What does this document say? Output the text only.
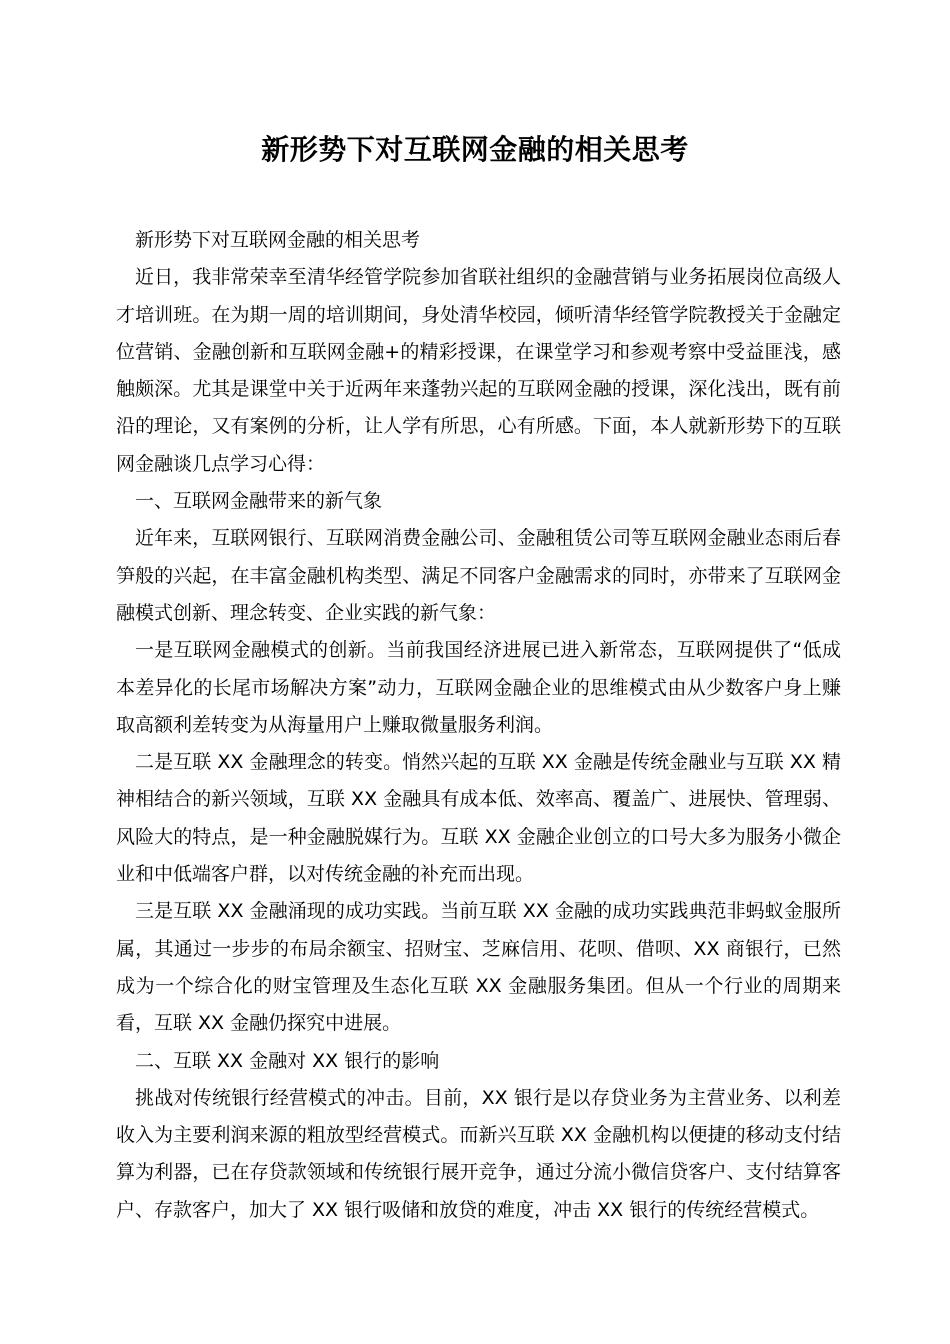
新形势下对互联网金融的相关思考

新形势下对互联网金融的相关思考

近日，我非常荣幸至清华经管学院参加省联社组织的金融营销与业务拓展岗位高级人才培训班。在为期一周的培训期间，身处清华校园，倾听清华经管学院教授关于金融定位营销、金融创新和互联网金融+的精彩授课，在课堂学习和参观考察中受益匪浅，感触颇深。尤其是课堂中关于近两年来蓬勃兴起的互联网金融的授课，深化浅出，既有前沿的理论，又有案例的分析，让人学有所思，心有所感。下面，本人就新形势下的互联网金融谈几点学习心得：

一、互联网金融带来的新气象

近年来，互联网银行、互联网消费金融公司、金融租赁公司等互联网金融业态雨后春笋般的兴起，在丰富金融机构类型、满足不同客户金融需求的同时，亦带来了互联网金融模式创新、理念转变、企业实践的新气象：

一是互联网金融模式的创新。当前我国经济进展已进入新常态，互联网提供了“低成本差异化的长尾市场解决方案”动力，互联网金融企业的思维模式由从少数客户身上赚取高额利差转变为从海量用户上赚取微量服务利润。

二是互联 XX 金融理念的转变。悄然兴起的互联 XX 金融是传统金融业与互联 XX 精神相结合的新兴领域，互联 XX 金融具有成本低、效率高、覆盖广、进展快、管理弱、风险大的特点，是一种金融脱媒行为。互联 XX 金融企业创立的口号大多为服务小微企业和中低端客户群，以对传统金融的补充而出现。

三是互联 XX 金融涌现的成功实践。当前互联 XX 金融的成功实践典范非蚂蚁金服所属，其通过一步步的布局余额宝、招财宝、芝麻信用、花呗、借呗、XX 商银行，已然成为一个综合化的财宝管理及生态化互联 XX 金融服务集团。但从一个行业的周期来看，互联 XX 金融仍探究中进展。

二、互联 XX 金融对 XX 银行的影响

挑战对传统银行经营模式的冲击。目前，XX 银行是以存贷业务为主营业务、以利差收入为主要利润来源的粗放型经营模式。而新兴互联 XX 金融机构以便捷的移动支付结算为利器，已在存贷款领域和传统银行展开竞争，通过分流小微信贷客户、支付结算客户、存款客户，加大了 XX 银行吸储和放贷的难度，冲击 XX 银行的传统经营模式。
